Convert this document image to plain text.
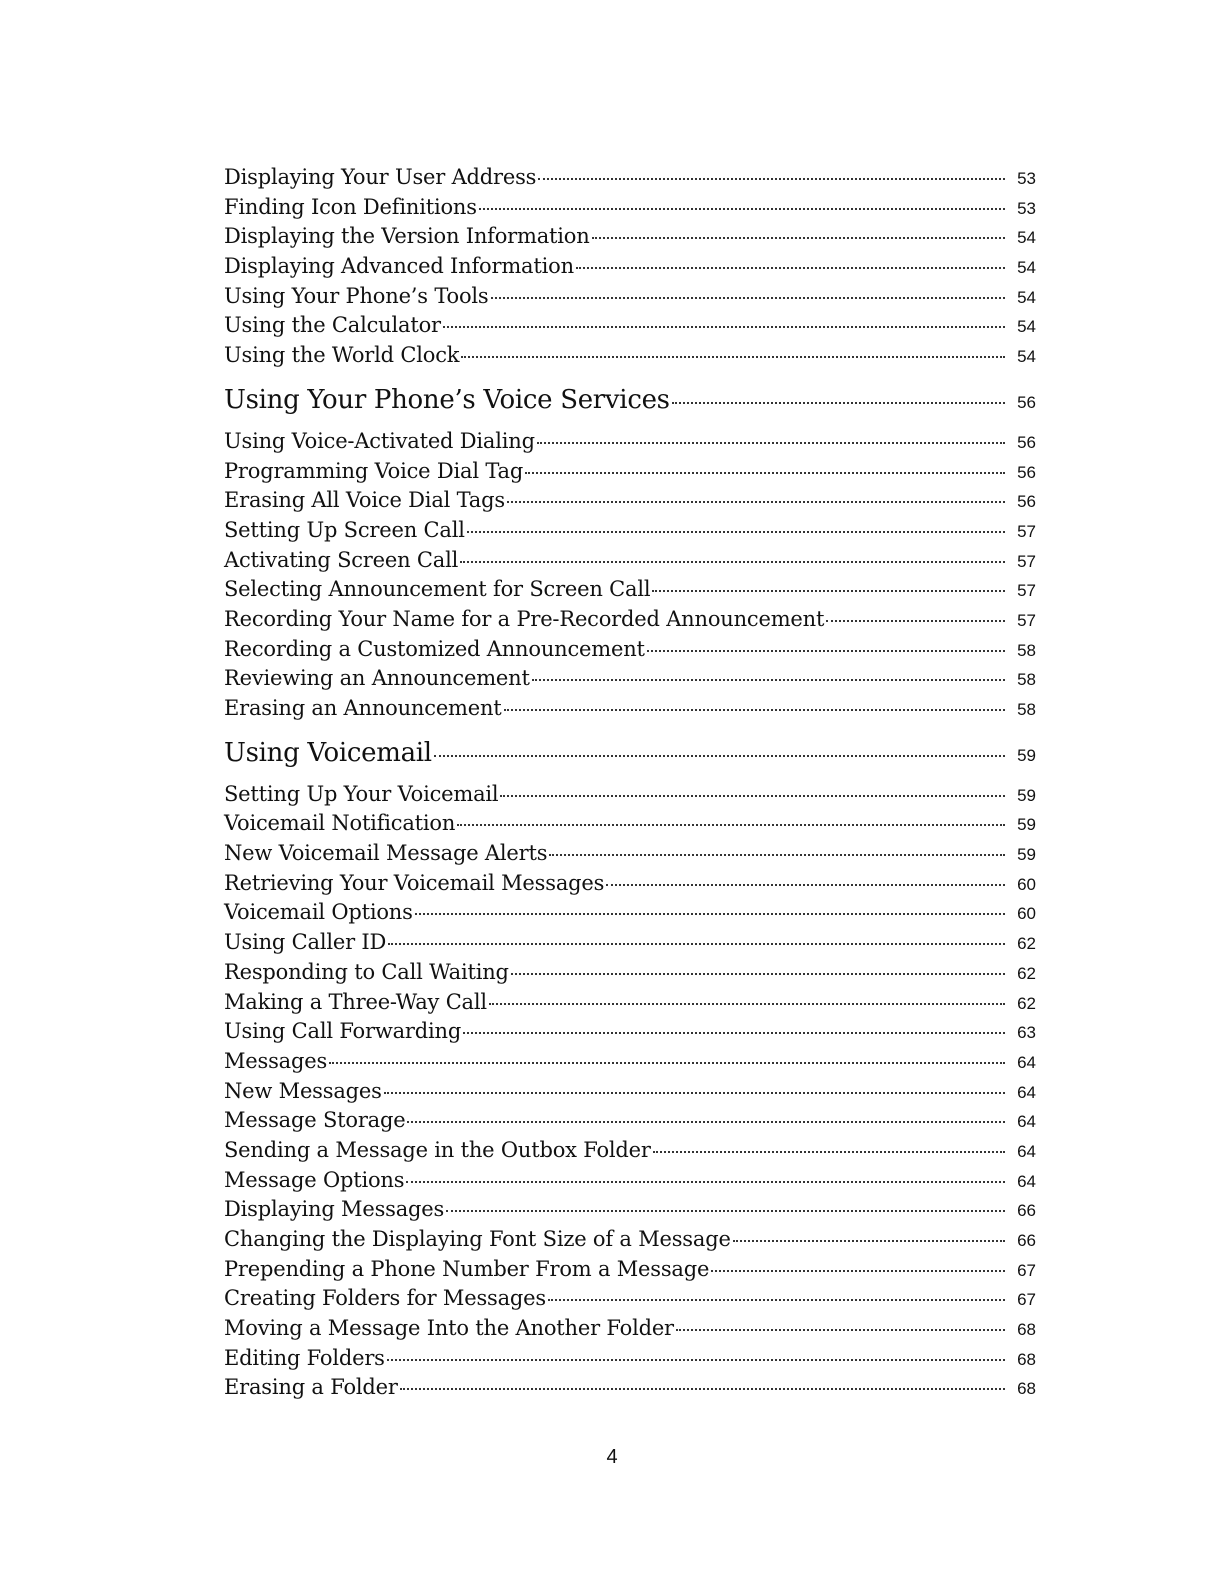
Displaying Your User Address	53
Finding Icon Definitions	53
Displaying the Version Information	54
Displaying Advanced Information	54
Using Your Phone’s Tools	54
Using the Calculator	54
Using the World Clock	54
Using Your Phone’s Voice Services	56
Using Voice-Activated Dialing	56
Programming Voice Dial Tag	56
Erasing All Voice Dial Tags	56
Setting Up Screen Call	57
Activating Screen Call	57
Selecting Announcement for Screen Call	57
Recording Your Name for a Pre-Recorded Announcement	57
Recording a Customized Announcement	58
Reviewing an Announcement	58
Erasing an Announcement	58
Using Voicemail	59
Setting Up Your Voicemail	59
Voicemail Notification	59
New Voicemail Message Alerts	59
Retrieving Your Voicemail Messages	60
Voicemail Options	60
Using Caller ID	62
Responding to Call Waiting	62
Making a Three-Way Call	62
Using Call Forwarding	63
Messages	64
New Messages	64
Message Storage	64
Sending a Message in the Outbox Folder	64
Message Options	64
Displaying Messages	66
Changing the Displaying Font Size of a Message	66
Prepending a Phone Number From a Message	67
Creating Folders for Messages	67
Moving a Message Into the Another Folder	68
Editing Folders	68
Erasing a Folder	68
4
